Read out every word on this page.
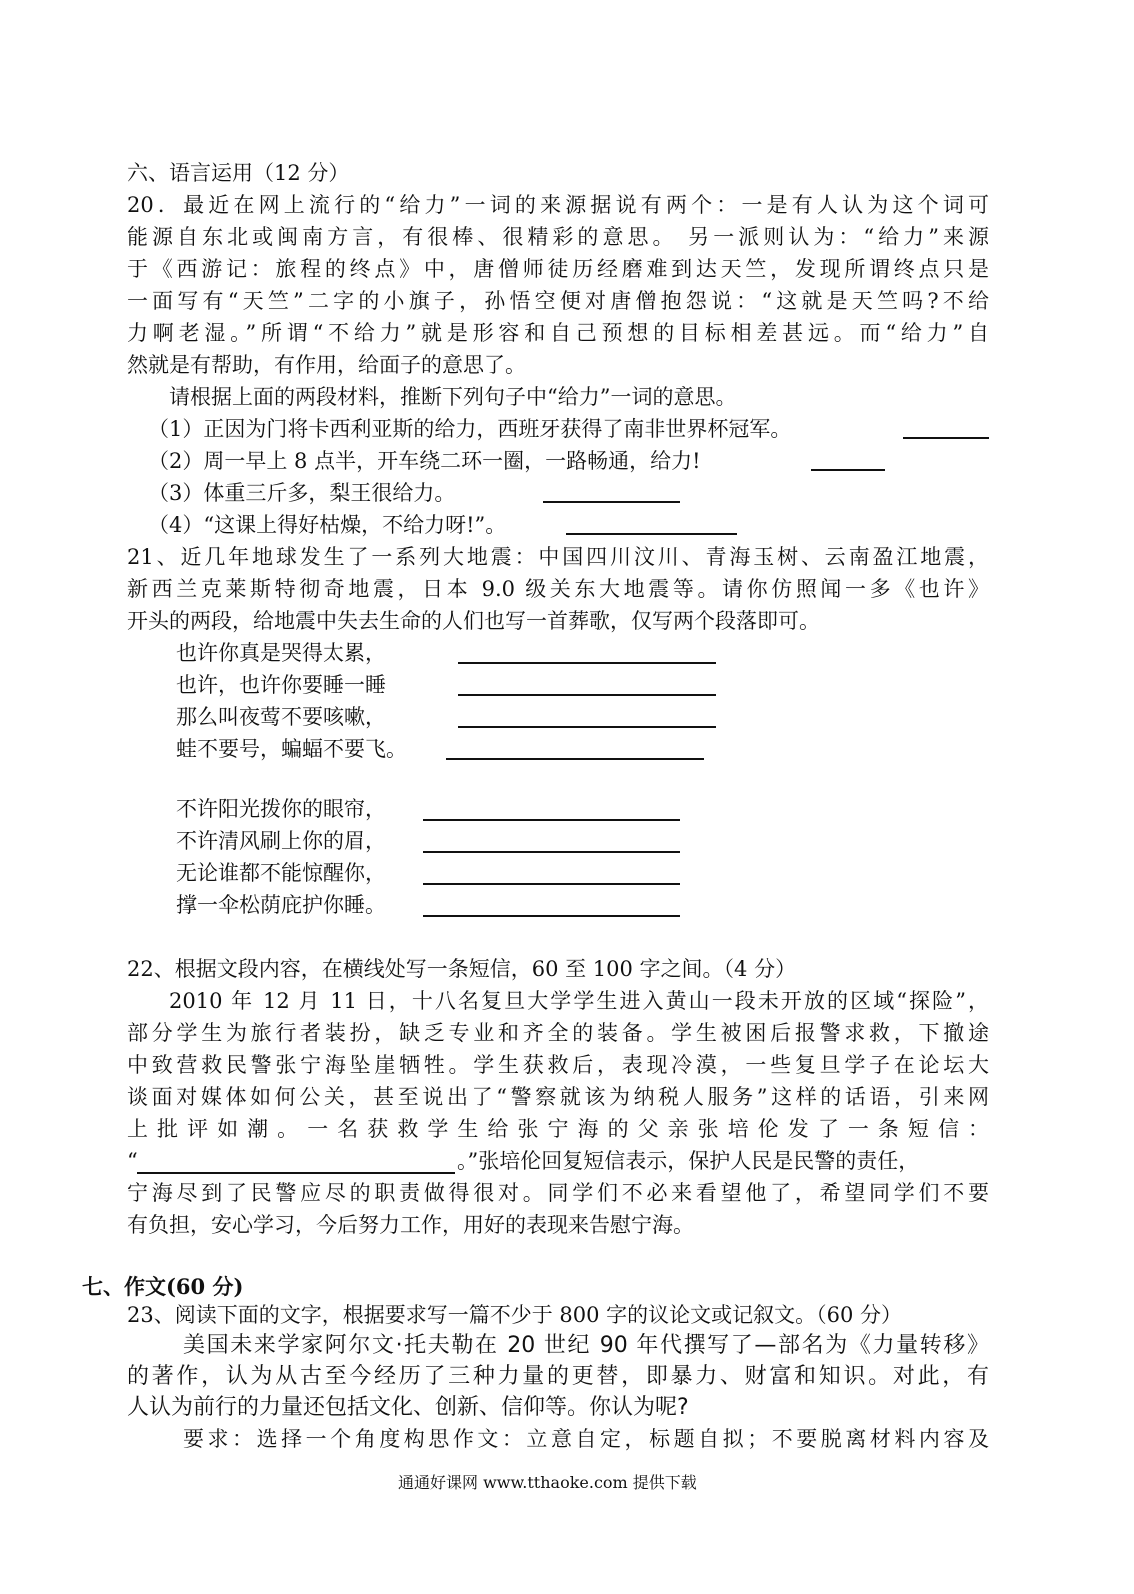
六、语言运用（12 分）
20．最近在网上流行的“给力”一词的来源据说有两个：一是有人认为这个词可
能源自东北或闽南方言，有很棒、很精彩的意思。 另一派则认为：“给力”来源
于《西游记：旅程的终点》中，唐僧师徒历经磨难到达天竺，发现所谓终点只是
一面写有“天竺”二字的小旗子，孙悟空便对唐僧抱怨说：“这就是天竺吗?不给
力啊老湿。”所谓“不给力”就是形容和自己预想的目标相差甚远。而“给力”自
然就是有帮助，有作用，给面子的意思了。
请根据上面的两段材料，推断下列句子中“给力”一词的意思。
（1）正因为门将卡西利亚斯的给力，西班牙获得了南非世界杯冠军。
（2）周一早上 8 点半，开车绕二环一圈，一路畅通，给力!
（3）体重三斤多，梨王很给力。
（4）“这课上得好枯燥，不给力呀!”。
21、近几年地球发生了一系列大地震：中国四川汶川、青海玉树、云南盈江地震，
新西兰克莱斯特彻奇地震，日本 9.0 级关东大地震等。请你仿照闻一多《也许》
开头的两段，给地震中失去生命的人们也写一首葬歌，仅写两个段落即可。
也许你真是哭得太累，
也许，也许你要睡一睡
那么叫夜莺不要咳嗽，
蛙不要号，蝙蝠不要飞。
不许阳光拨你的眼帘，
不许清风刷上你的眉，
无论谁都不能惊醒你，
撑一伞松荫庇护你睡。
22、根据文段内容，在横线处写一条短信，60 至 100 字之间。（4 分）
2010 年 12 月 11 日，十八名复旦大学学生进入黄山一段未开放的区域“探险”，
部分学生为旅行者装扮，缺乏专业和齐全的装备。学生被困后报警求救，下撤途
中致营救民警张宁海坠崖牺牲。学生获救后，表现冷漠，一些复旦学子在论坛大
谈面对媒体如何公关，甚至说出了“警察就该为纳税人服务”这样的话语，引来网
上批评如潮。一名获救学生给张宁海的父亲张培伦发了一条短信：
“	。”张培伦回复短信表示，保护人民是民警的责任，
宁海尽到了民警应尽的职责做得很对。同学们不必来看望他了，希望同学们不要
有负担，安心学习，今后努力工作，用好的表现来告慰宁海。
七、作文(60 分)
23、阅读下面的文字，根据要求写一篇不少于 800 字的议论文或记叙文。（60 分）
美国未来学家阿尔文·托夫勒在 20 世纪 90 年代撰写了—部名为《力量转移》
的著作，认为从古至今经历了三种力量的更替，即暴力、财富和知识。对此，有
人认为前行的力量还包括文化、创新、信仰等。你认为呢?
要求：选择一个角度构思作文：立意自定，标题自拟；不要脱离材料内容及
通通好课网 www.tthaoke.com 提供下载
